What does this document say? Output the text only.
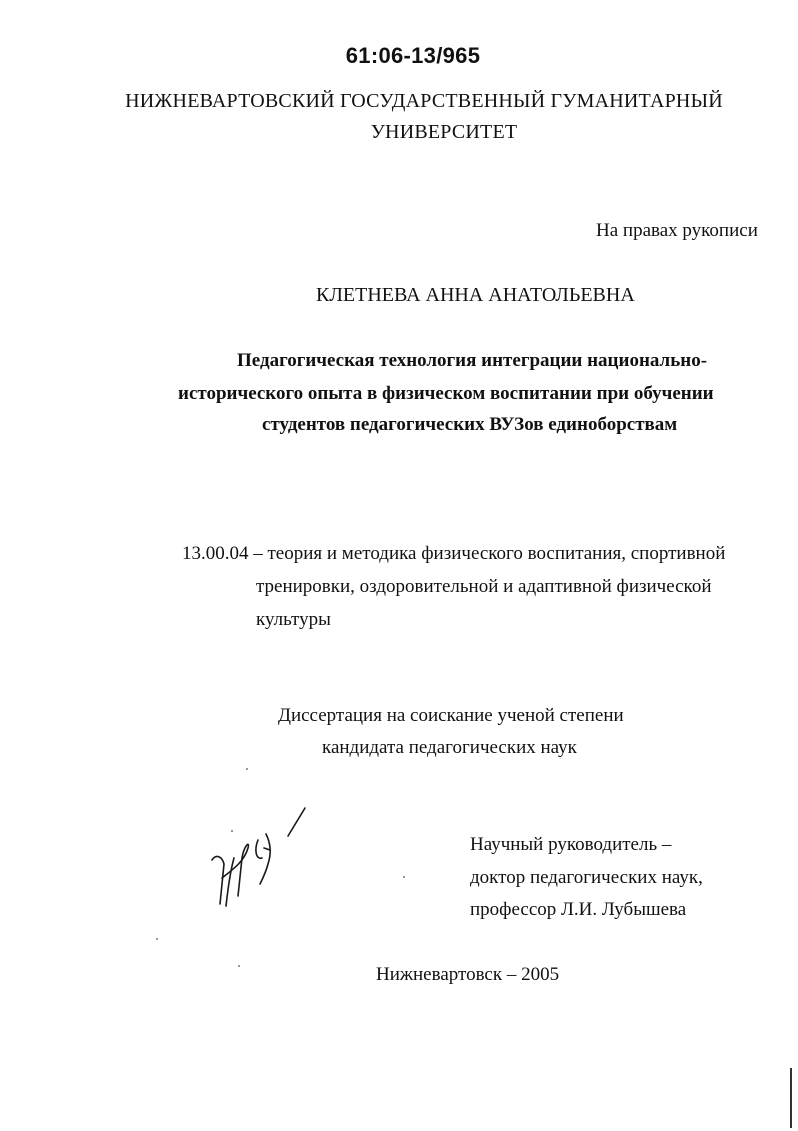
61:06-13/965
НИЖНЕВАРТОВСКИЙ ГОСУДАРСТВЕННЫЙ ГУМАНИТАРНЫЙ
УНИВЕРСИТЕТ
На правах рукописи
КЛЕТНЕВА АННА АНАТОЛЬЕВНА
Педагогическая технология интеграции национально-
исторического опыта в физическом воспитании при обучении
студентов педагогических ВУЗов единоборствам
13.00.04 – теория и методика физического воспитания, спортивной
тренировки, оздоровительной и адаптивной физической
культуры
Диссертация на соискание ученой степени
кандидата педагогических наук
Научный руководитель –
доктор педагогических наук,
профессор Л.И. Лубышева
Нижневартовск – 2005
